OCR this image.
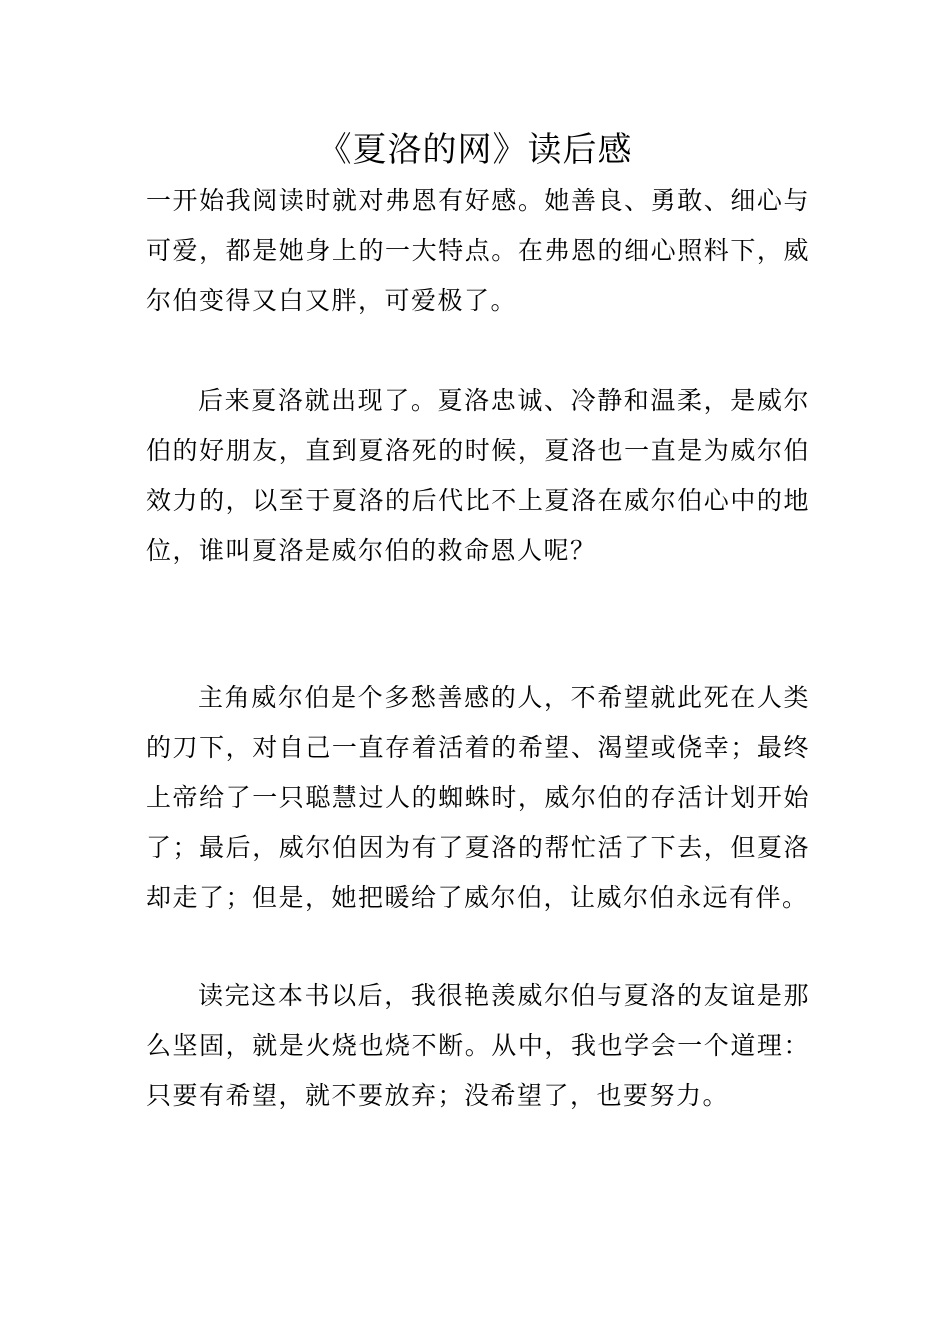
《夏洛的网》读后感

一开始我阅读时就对弗恩有好感。她善良、勇敢、细心与可爱，都是她身上的一大特点。在弗恩的细心照料下，威尔伯变得又白又胖，可爱极了。

后来夏洛就出现了。夏洛忠诚、冷静和温柔，是威尔伯的好朋友，直到夏洛死的时候，夏洛也一直是为威尔伯效力的，以至于夏洛的后代比不上夏洛在威尔伯心中的地位，谁叫夏洛是威尔伯的救命恩人呢？

主角威尔伯是个多愁善感的人，不希望就此死在人类的刀下，对自己一直存着活着的希望、渴望或侥幸；最终上帝给了一只聪慧过人的蜘蛛时，威尔伯的存活计划开始了；最后，威尔伯因为有了夏洛的帮忙活了下去，但夏洛却走了；但是，她把暖给了威尔伯，让威尔伯永远有伴。

读完这本书以后，我很艳羡威尔伯与夏洛的友谊是那么坚固，就是火烧也烧不断。从中，我也学会一个道理：只要有希望，就不要放弃；没希望了，也要努力。
